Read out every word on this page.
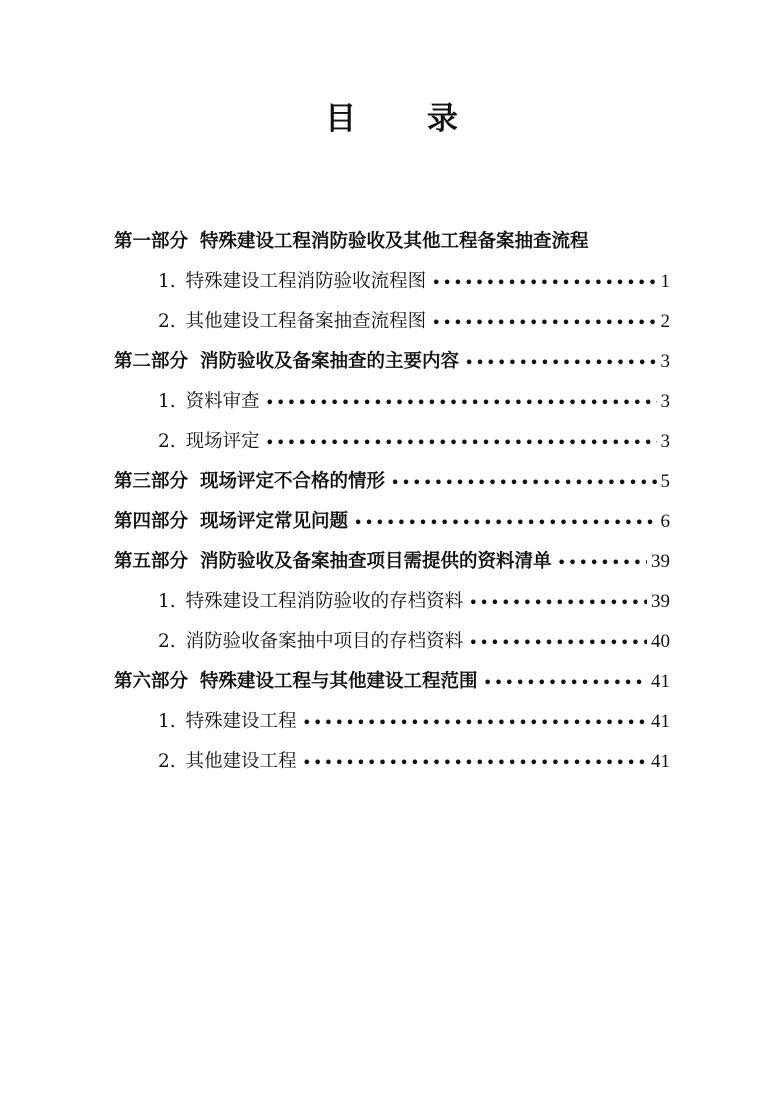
目 录
第一部分 特殊建设工程消防验收及其他工程备案抽查流程
1. 特殊建设工程消防验收流程图 •••••	1
2. 其他建设工程备案抽查流程图 •••••	2
第二部分 消防验收及备案抽查的主要内容 •••••	3
1. 资料审查 •••••	3
2. 现场评定 •••••	3
第三部分 现场评定不合格的情形 •••••	5
第四部分 现场评定常见问题 •••••	6
第五部分 消防验收及备案抽查项目需提供的资料清单 •••••	39
1. 特殊建设工程消防验收的存档资料 •••••	39
2. 消防验收备案抽中项目的存档资料 •••••	40
第六部分 特殊建设工程与其他建设工程范围 •••••	41
1. 特殊建设工程 •••••	41
2. 其他建设工程 •••••	41
